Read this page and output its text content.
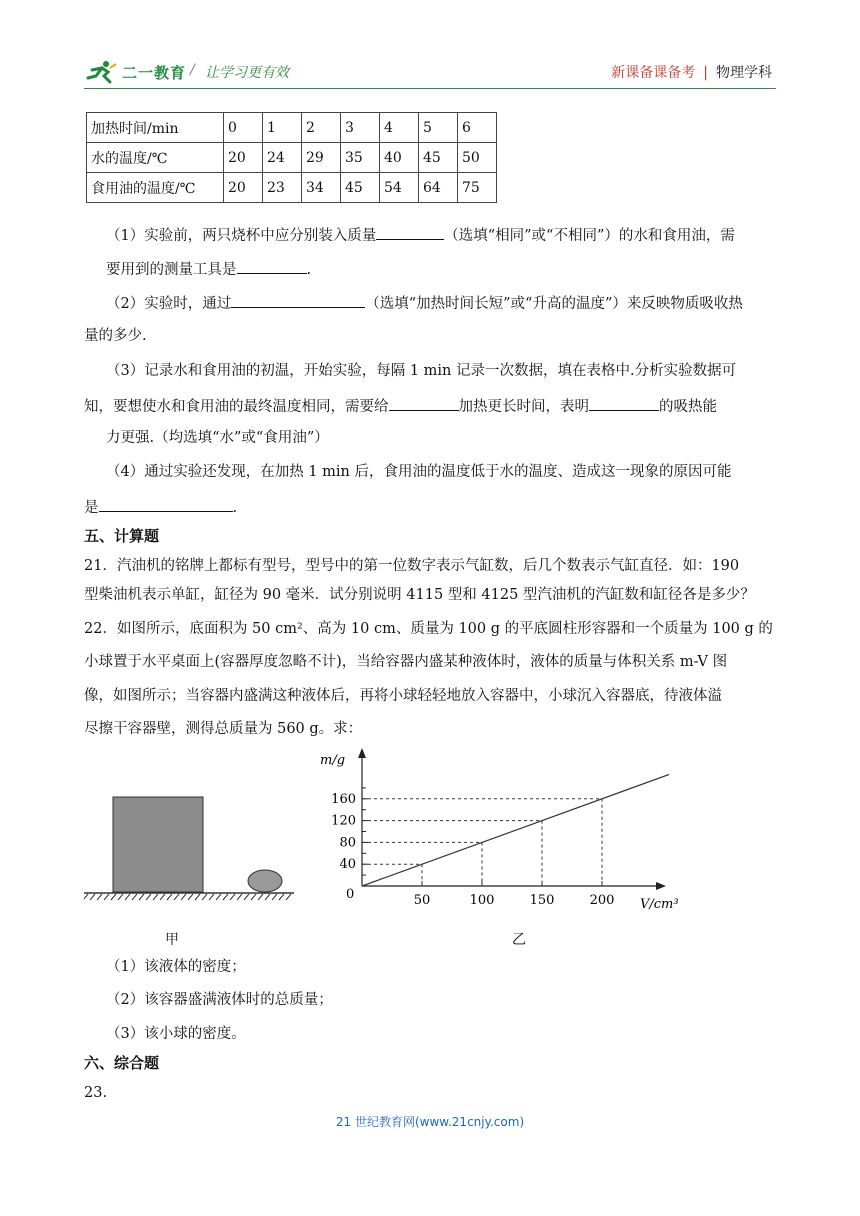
二一教育 / 让学习更有效	新课备课备考 | 物理学科
加热时间/min	0	1	2	3	4	5	6
水的温度/℃	20	24	29	35	40	45	50
食用油的温度/℃	20	23	34	45	54	64	75
（1）实验前，两只烧杯中应分别装入质量	（选填“相同”或“不相同”）的水和食用油，需
要用到的测量工具是	.
（2）实验时，通过	（选填“加热时间长短”或“升高的温度”）来反映物质吸收热
量的多少.
（3）记录水和食用油的初温，开始实验，每隔 1 min 记录一次数据，填在表格中.分析实验数据可
知，要想使水和食用油的最终温度相同，需要给	加热更长时间，表明	的吸热能
力更强.（均选填“水”或“食用油”）
（4）通过实验还发现，在加热 1 min 后，食用油的温度低于水的温度、造成这一现象的原因可能
是	.
五、计算题
21．汽油机的铭牌上都标有型号，型号中的第一位数字表示气缸数，后几个数表示气缸直径．如：190
型柴油机表示单缸，缸径为 90 毫米．试分别说明 4115 型和 4125 型汽油机的汽缸数和缸径各是多少？
22．如图所示，底面积为 50 cm²、高为 10 cm、质量为 100 g 的平底圆柱形容器和一个质量为 100 g 的
小球置于水平桌面上(容器厚度忽略不计)，当给容器内盛某种液体时，液体的质量与体积关系 m-V 图
像，如图所示；当容器内盛满这种液体后，再将小球轻轻地放入容器中，小球沉入容器底，待液体溢
尽擦干容器壁，测得总质量为 560 g。求：
甲
m/g
V/cm³
0
40
80
120
160
50	100	150	200
乙
（1）该液体的密度；
（2）该容器盛满液体时的总质量；
（3）该小球的密度。
六、综合题
23.
21 世纪教育网(www.21cnjy.com)
